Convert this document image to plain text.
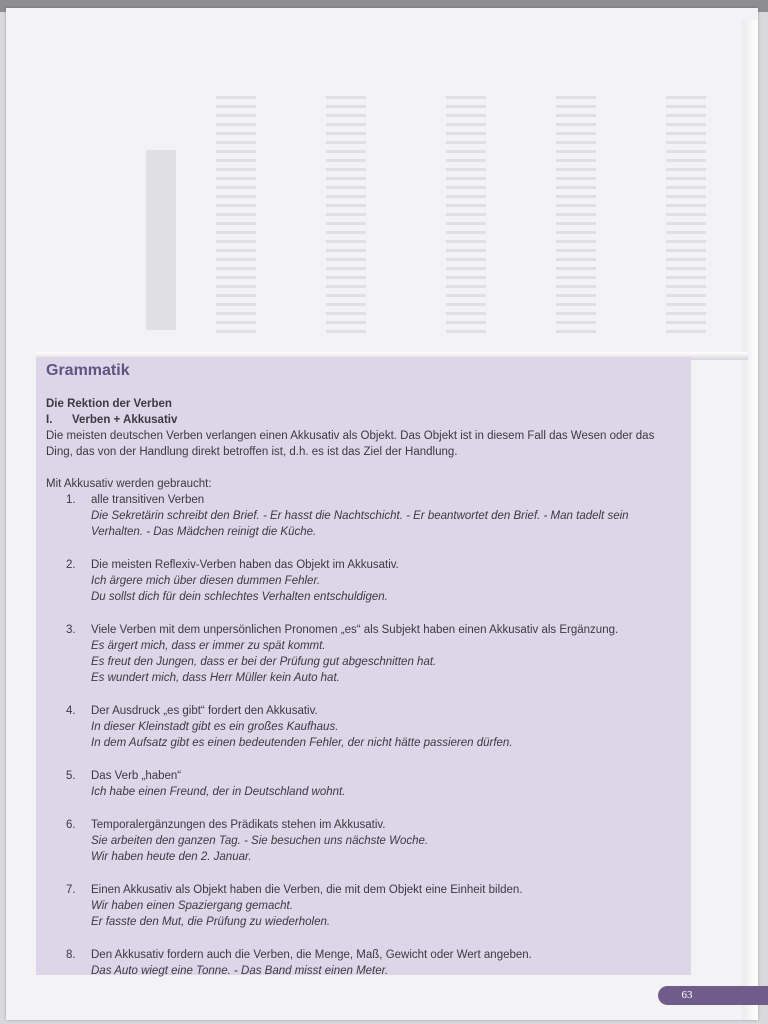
Grammatik

Die Rektion der Verben

I. Verben + Akkusativ

Die meisten deutschen Verben verlangen einen Akkusativ als Objekt. Das Objekt ist in diesem Fall das Wesen oder das Ding, das von der Handlung direkt betroffen ist, d.h. es ist das Ziel der Handlung.

Mit Akkusativ werden gebraucht:

1.	alle transitiven Verben
Die Sekretärin schreibt den Brief. - Er hasst die Nachtschicht. - Er beantwortet den Brief. - Man tadelt sein Verhalten. - Das Mädchen reinigt die Küche.
2.	Die meisten Reflexiv-Verben haben das Objekt im Akkusativ.
Ich ärgere mich über diesen dummen Fehler.
Du sollst dich für dein schlechtes Verhalten entschuldigen.
3.	Viele Verben mit dem unpersönlichen Pronomen „es“ als Subjekt haben einen Akkusativ als Ergänzung.
Es ärgert mich, dass er immer zu spät kommt.
Es freut den Jungen, dass er bei der Prüfung gut abgeschnitten hat.
Es wundert mich, dass Herr Müller kein Auto hat.
4.	Der Ausdruck „es gibt“ fordert den Akkusativ.
In dieser Kleinstadt gibt es ein großes Kaufhaus.
In dem Aufsatz gibt es einen bedeutenden Fehler, der nicht hätte passieren dürfen.
5.	Das Verb „haben“
Ich habe einen Freund, der in Deutschland wohnt.
6.	Temporalergänzungen des Prädikats stehen im Akkusativ.
Sie arbeiten den ganzen Tag. - Sie besuchen uns nächste Woche.
Wir haben heute den 2. Januar.
7.	Einen Akkusativ als Objekt haben die Verben, die mit dem Objekt eine Einheit bilden.
Wir haben einen Spaziergang gemacht.
Er fasste den Mut, die Prüfung zu wiederholen.
8.	Den Akkusativ fordern auch die Verben, die Menge, Maß, Gewicht oder Wert angeben.
Das Auto wiegt eine Tonne. - Das Band misst einen Meter.
63
